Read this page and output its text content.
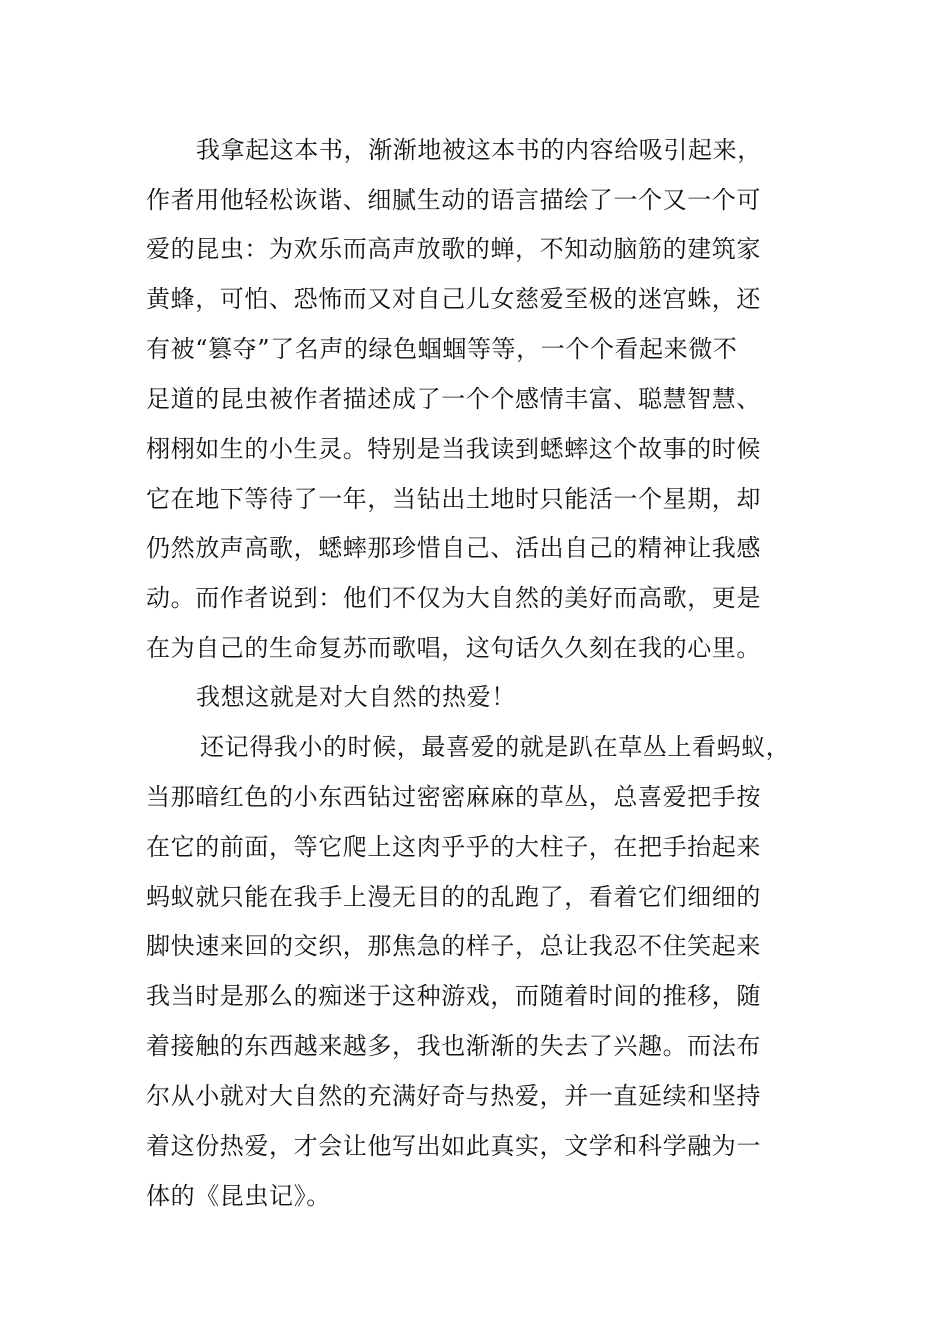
我拿起这本书，渐渐地被这本书的内容给吸引起来，
作者用他轻松诙谐、细腻生动的语言描绘了一个又一个可
爱的昆虫：为欢乐而高声放歌的蝉，不知动脑筋的建筑家
黄蜂，可怕、恐怖而又对自己儿女慈爱至极的迷宫蛛，还
有被“篡夺”了名声的绿色蝈蝈等等，一个个看起来微不
足道的昆虫被作者描述成了一个个感情丰富、聪慧智慧、
栩栩如生的小生灵。特别是当我读到蟋蟀这个故事的时候
它在地下等待了一年，当钻出土地时只能活一个星期，却
仍然放声高歌，蟋蟀那珍惜自己、活出自己的精神让我感
动。而作者说到：他们不仅为大自然的美好而高歌，更是
在为自己的生命复苏而歌唱，这句话久久刻在我的心里。
我想这就是对大自然的热爱！
还记得我小的时候，最喜爱的就是趴在草丛上看蚂蚁，
当那暗红色的小东西钻过密密麻麻的草丛，总喜爱把手按
在它的前面，等它爬上这肉乎乎的大柱子，在把手抬起来
蚂蚁就只能在我手上漫无目的的乱跑了，看着它们细细的
脚快速来回的交织，那焦急的样子，总让我忍不住笑起来
我当时是那么的痴迷于这种游戏，而随着时间的推移，随
着接触的东西越来越多，我也渐渐的失去了兴趣。而法布
尔从小就对大自然的充满好奇与热爱，并一直延续和坚持
着这份热爱，才会让他写出如此真实，文学和科学融为一
体的《昆虫记》。
